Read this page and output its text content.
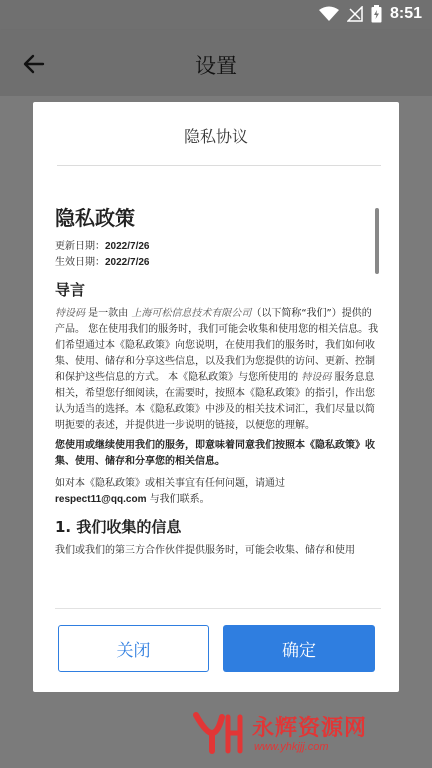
8:51
设置
隐私协议
隐私政策
更新日期：2022/7/26
生效日期：2022/7/26
导言

特设码 是一款由 上海可松信息技术有限公司（以下简称“我们”）提供的产品。 您在使用我们的服务时，我们可能会收集和使用您的相关信息。我们希望通过本《隐私政策》向您说明，在使用我们的服务时，我们如何收集、使用、储存和分享这些信息，以及我们为您提供的访问、更新、控制和保护这些信息的方式。 本《隐私政策》与您所使用的 特设码 服务息息相关，希望您仔细阅读，在需要时，按照本《隐私政策》的指引，作出您认为适当的选择。本《隐私政策》中涉及的相关技术词汇，我们尽量以简明扼要的表述，并提供进一步说明的链接，以便您的理解。

您使用或继续使用我们的服务，即意味着同意我们按照本《隐私政策》收集、使用、储存和分享您的相关信息。

如对本《隐私政策》或相关事宜有任何问题，请通过
respect11@qq.com 与我们联系。

1. 我们收集的信息

我们或我们的第三方合作伙伴提供服务时，可能会收集、储存和使用

关闭	确定
永辉资源网
www.yhkjjj.com
